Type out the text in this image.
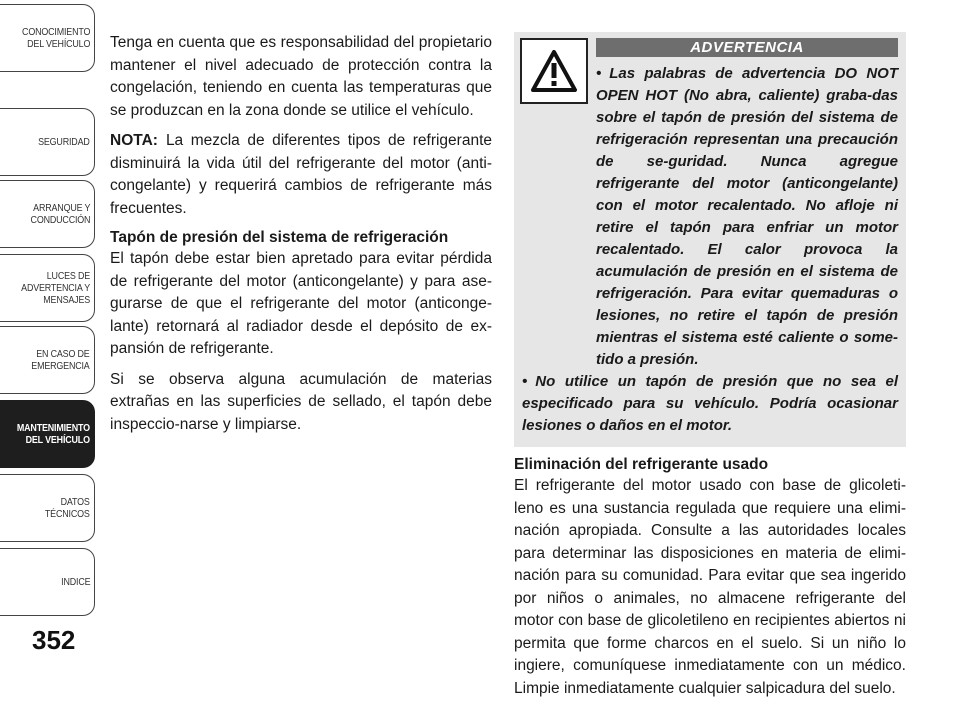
CONOCIMIENTO
DEL VEHÍCULO
SEGURIDAD
ARRANQUE Y
CONDUCCIÓN
LUCES DE
ADVERTENCIA Y
MENSAJES
EN CASO DE
EMERGENCIA
MANTENIMIENTO
DEL VEHÍCULO
DATOS
TÉCNICOS
INDICE
352

Tenga en cuenta que es responsabilidad del propietario mantener el nivel adecuado de protección contra la congelación, teniendo en cuenta las temperaturas que se produzcan en la zona donde se utilice el vehículo.

NOTA: La mezcla de diferentes tipos de refrigerante disminuirá la vida útil del refrigerante del motor (anti-congelante) y requerirá cambios de refrigerante más frecuentes.

Tapón de presión del sistema de refrigeración

El tapón debe estar bien apretado para evitar pérdida de refrigerante del motor (anticongelante) y para ase-gurarse de que el refrigerante del motor (anticonge-lante) retornará al radiador desde el depósito de ex-pansión de refrigerante.

Si se observa alguna acumulación de materias extrañas en las superficies de sellado, el tapón debe inspeccio-narse y limpiarse.

ADVERTENCIA

• Las palabras de advertencia DO NOT OPEN HOT (No abra, caliente) graba-das sobre el tapón de presión del sistema de refrigeración representan una precaución de se-guridad. Nunca agregue refrigerante del motor (anticongelante) con el motor recalentado. No afloje ni retire el tapón para enfriar un motor recalentado. El calor provoca la acumulación de presión en el sistema de refrigeración. Para evitar quemaduras o lesiones, no retire el tapón de presión mientras el sistema esté caliente o some-tido a presión.

• No utilice un tapón de presión que no sea el especificado para su vehículo. Podría ocasionar lesiones o daños en el motor.

Eliminación del refrigerante usado

El refrigerante del motor usado con base de glicoleti-leno es una sustancia regulada que requiere una elimi-nación apropiada. Consulte a las autoridades locales para determinar las disposiciones en materia de elimi-nación para su comunidad. Para evitar que sea ingerido por niños o animales, no almacene refrigerante del motor con base de glicoletileno en recipientes abiertos ni permita que forme charcos en el suelo. Si un niño lo ingiere, comuníquese inmediatamente con un médico. Limpie inmediatamente cualquier salpicadura del suelo.
